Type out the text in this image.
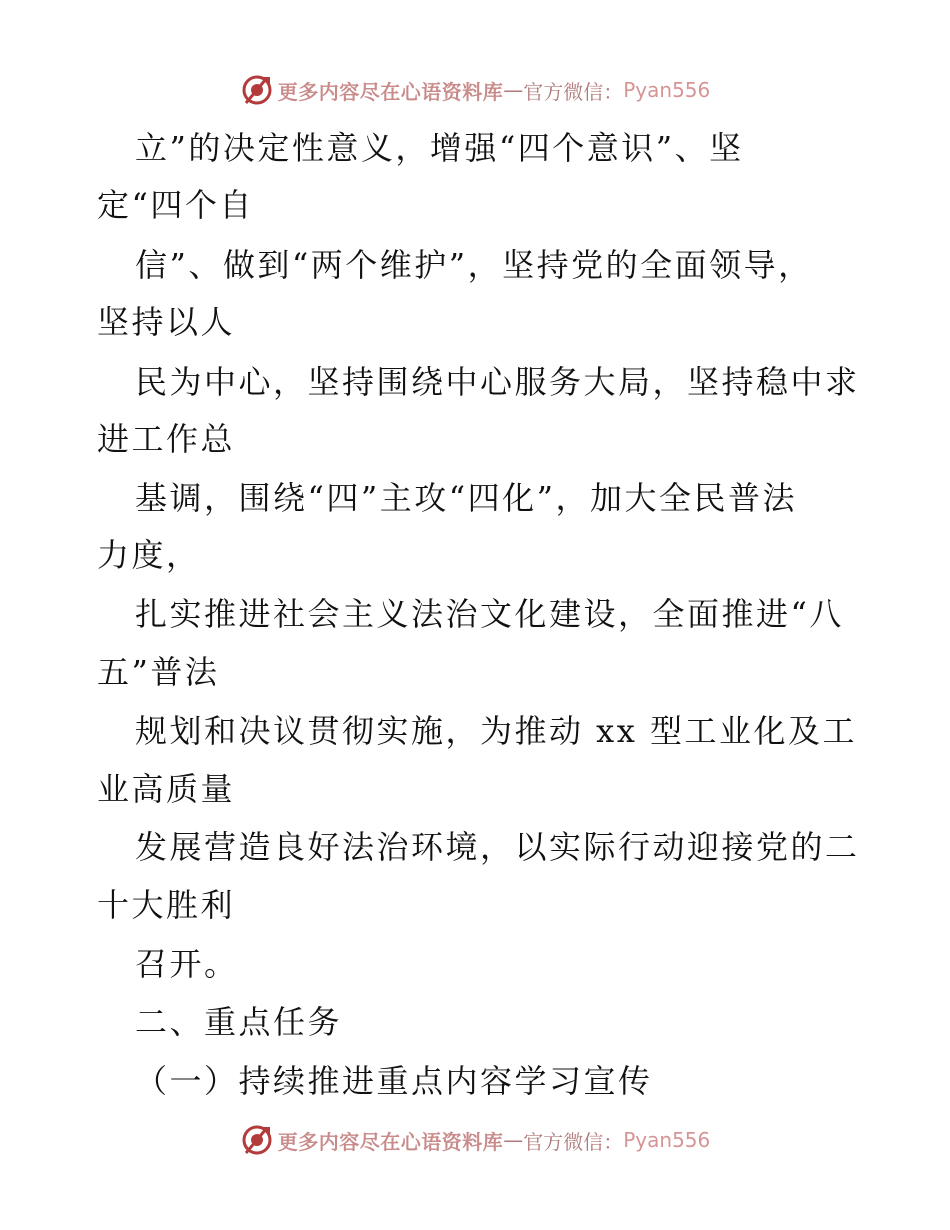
更多内容尽在心语资料库 — 官方微信： Pyan556
立”的决定性意义，增强“四个意识”、坚
定“四个自
信”、做到“两个维护”，坚持党的全面领导，
坚持以人
民为中心，坚持围绕中心服务大局，坚持稳中求
进工作总
基调，围绕“四”主攻“四化”，加大全民普法
力度，
扎实推进社会主义法治文化建设，全面推进“八
五”普法
规划和决议贯彻实施，为推动 xx 型工业化及工
业高质量
发展营造良好法治环境，以实际行动迎接党的二
十大胜利
召开。
二、重点任务
（一）持续推进重点内容学习宣传
更多内容尽在心语资料库 — 官方微信： Pyan556
